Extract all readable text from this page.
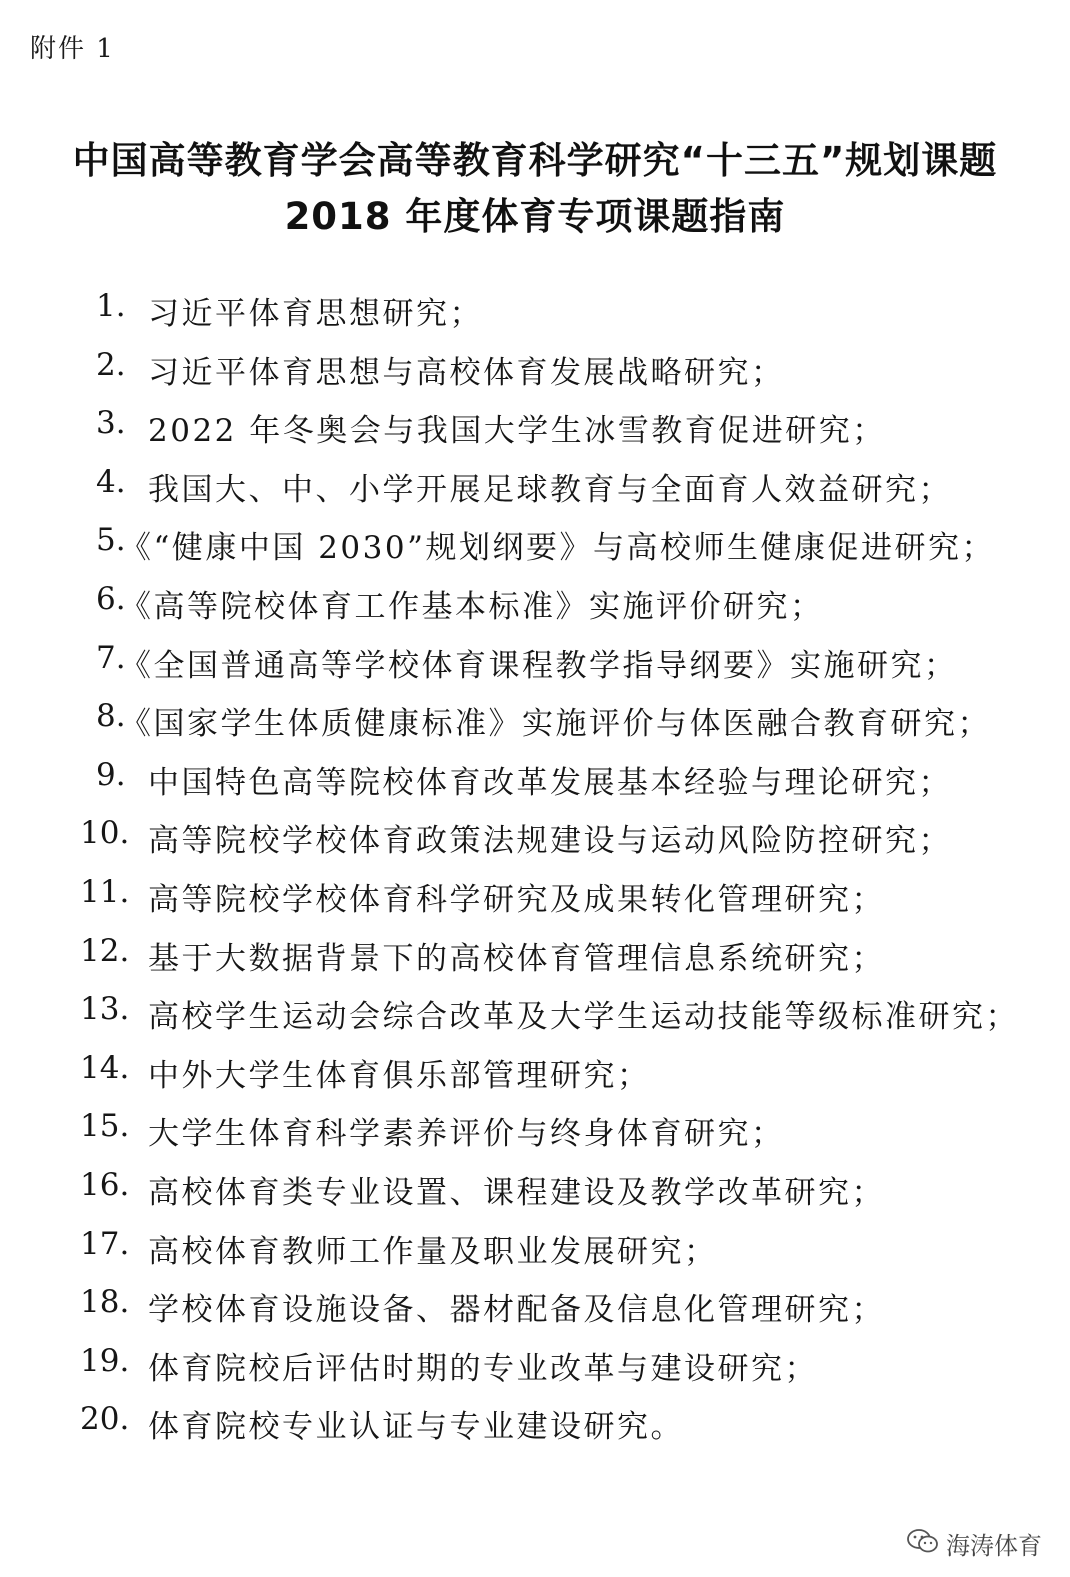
附件 1
中国高等教育学会高等教育科学研究“十三五”规划课题
2018 年度体育专项课题指南
1. 习近平体育思想研究；
2. 习近平体育思想与高校体育发展战略研究；
3. 2022 年冬奥会与我国大学生冰雪教育促进研究；
4. 我国大、中、小学开展足球教育与全面育人效益研究；
5.
《“健康中国 2030”规划纲要》与高校师生健康促进研究；
6.
《高等院校体育工作基本标准》实施评价研究；
7.
《全国普通高等学校体育课程教学指导纲要》实施研究；
8.
《国家学生体质健康标准》实施评价与体医融合教育研究；
9. 中国特色高等院校体育改革发展基本经验与理论研究；
10. 高等院校学校体育政策法规建设与运动风险防控研究；
11. 高等院校学校体育科学研究及成果转化管理研究；
12. 基于大数据背景下的高校体育管理信息系统研究；
13. 高校学生运动会综合改革及大学生运动技能等级标准研究；
14. 中外大学生体育俱乐部管理研究；
15. 大学生体育科学素养评价与终身体育研究；
16. 高校体育类专业设置、课程建设及教学改革研究；
17. 高校体育教师工作量及职业发展研究；
18. 学校体育设施设备、器材配备及信息化管理研究；
19. 体育院校后评估时期的专业改革与建设研究；
20. 体育院校专业认证与专业建设研究。
海涛体育
